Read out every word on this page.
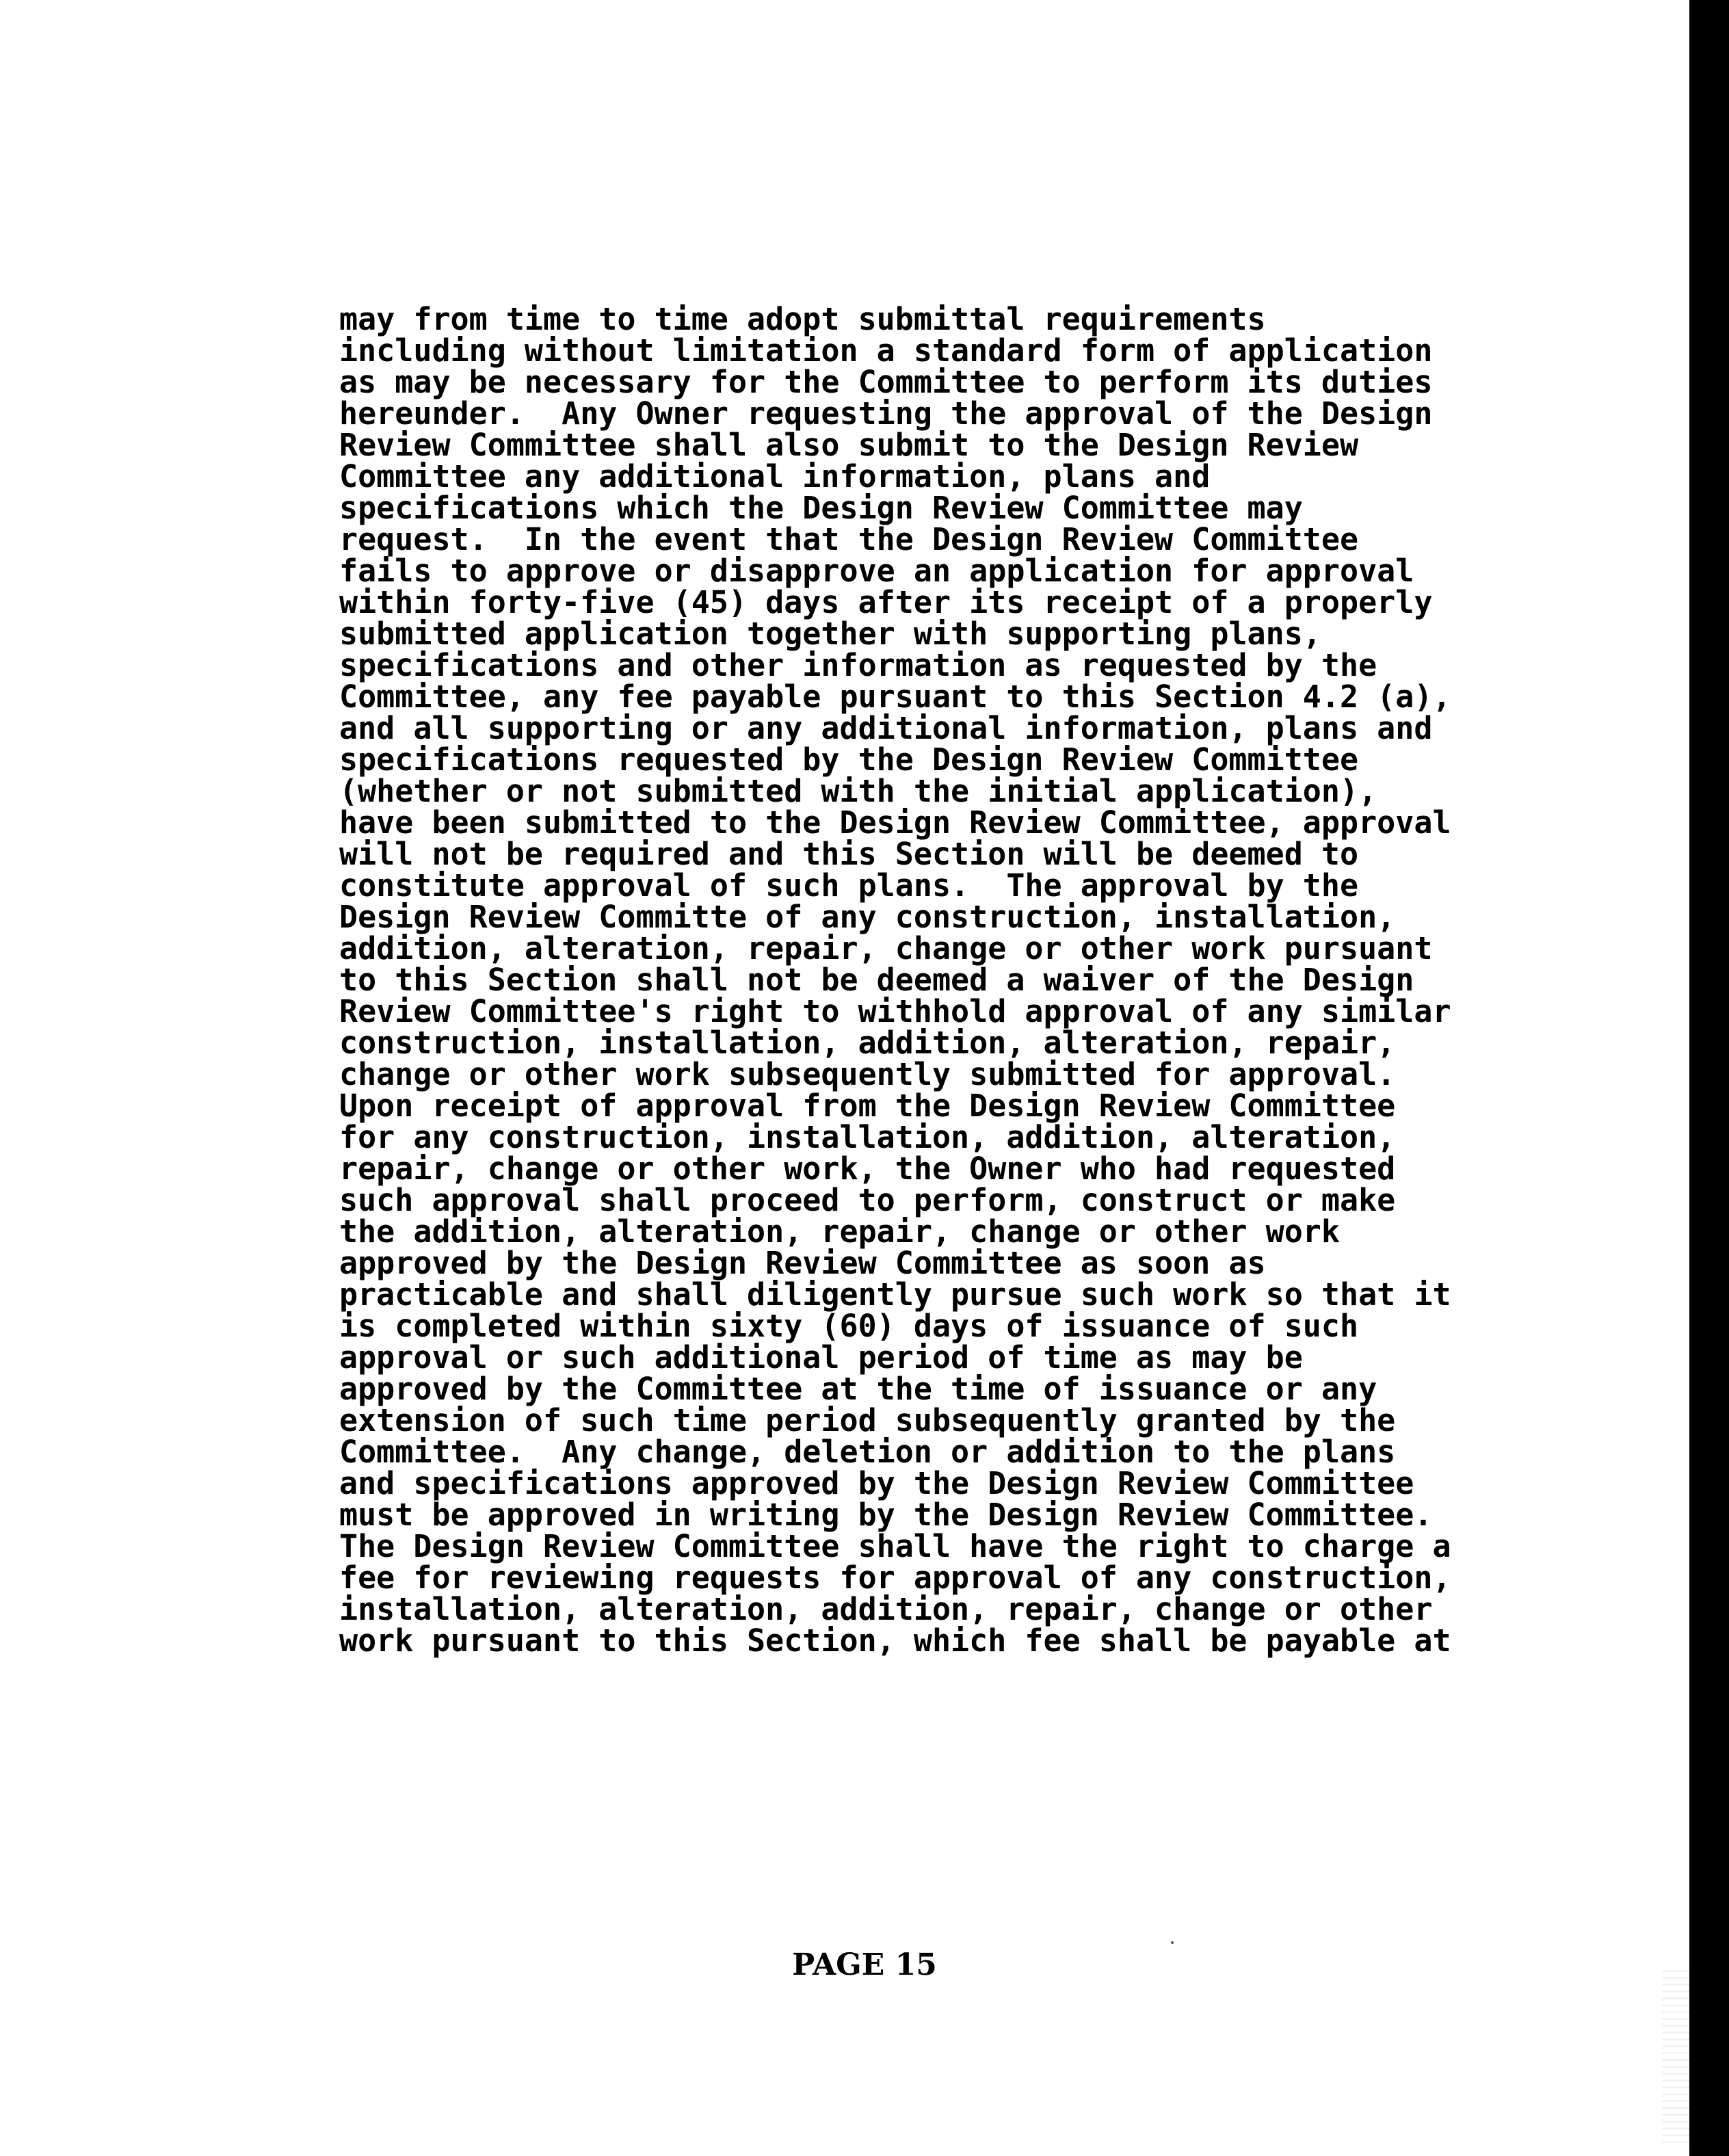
may from time to time adopt submittal requirements
including without limitation a standard form of application
as may be necessary for the Committee to perform its duties
hereunder.  Any Owner requesting the approval of the Design
Review Committee shall also submit to the Design Review
Committee any additional information, plans and
specifications which the Design Review Committee may
request.  In the event that the Design Review Committee
fails to approve or disapprove an application for approval
within forty-five (45) days after its receipt of a properly
submitted application together with supporting plans,
specifications and other information as requested by the
Committee, any fee payable pursuant to this Section 4.2 (a),
and all supporting or any additional information, plans and
specifications requested by the Design Review Committee
(whether or not submitted with the initial application),
have been submitted to the Design Review Committee, approval
will not be required and this Section will be deemed to
constitute approval of such plans.  The approval by the
Design Review Committe of any construction, installation,
addition, alteration, repair, change or other work pursuant
to this Section shall not be deemed a waiver of the Design
Review Committee's right to withhold approval of any similar
construction, installation, addition, alteration, repair,
change or other work subsequently submitted for approval.
Upon receipt of approval from the Design Review Committee
for any construction, installation, addition, alteration,
repair, change or other work, the Owner who had requested
such approval shall proceed to perform, construct or make
the addition, alteration, repair, change or other work
approved by the Design Review Committee as soon as
practicable and shall diligently pursue such work so that it
is completed within sixty (60) days of issuance of such
approval or such additional period of time as may be
approved by the Committee at the time of issuance or any
extension of such time period subsequently granted by the
Committee.  Any change, deletion or addition to the plans
and specifications approved by the Design Review Committee
must be approved in writing by the Design Review Committee.
The Design Review Committee shall have the right to charge a
fee for reviewing requests for approval of any construction,
installation, alteration, addition, repair, change or other
work pursuant to this Section, which fee shall be payable at
PAGE 15
